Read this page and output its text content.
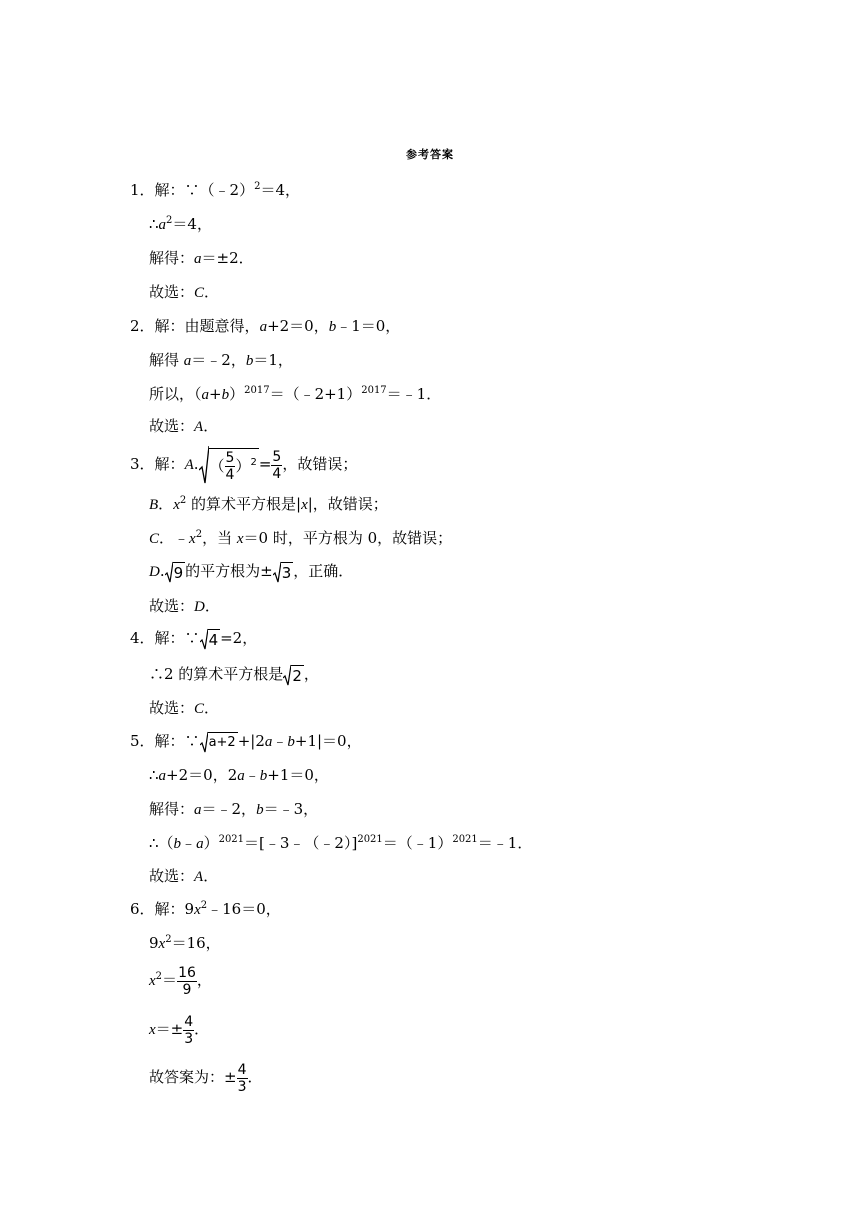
参考答案
1．解：∵（﹣2）$^2$＝4，
$\therefore a^2=4$，
解得：a＝±2．
故选：C．
2．解：由题意得，a+2＝0，b﹣1＝0，
解得 a＝﹣2，b＝1，
所以，$(a+b)^{2017}=(﹣2+1)^{2017}=﹣1$．
故选：A．
3．解：A. （ $\frac{5}{4} )^2 = \frac{5}{4}$ ，故错误；
B．$x^2$ 的算术平方根是|x|，故错误；
C．$﹣x^2$，当 x＝0 时，平方根为 0，故错误；
D. 9 的平方根为± 3 ，正确．
故选：D．
4．解：∵ 4 =2，
∴2 的算术平方根是 2 ，
故选：C．
5．解：∵ a+2 +|2a﹣b+1|＝0，
∴a+2＝0，2a﹣b+1＝0，
解得：a＝﹣2，b＝﹣3，
∴（b﹣a）$^{2021}$＝[﹣3﹣（﹣2）]$^{2021}$＝（﹣1）$^{2021}$＝﹣1．
故选：A．
6．解：$9x^2﹣16=0$，
$9x^2=16$，
$x^2= \frac{16}{9}$ ，
$x=\pm \frac{4}{3}$ ．
故答案为：± $\frac{4}{3}$ ．
